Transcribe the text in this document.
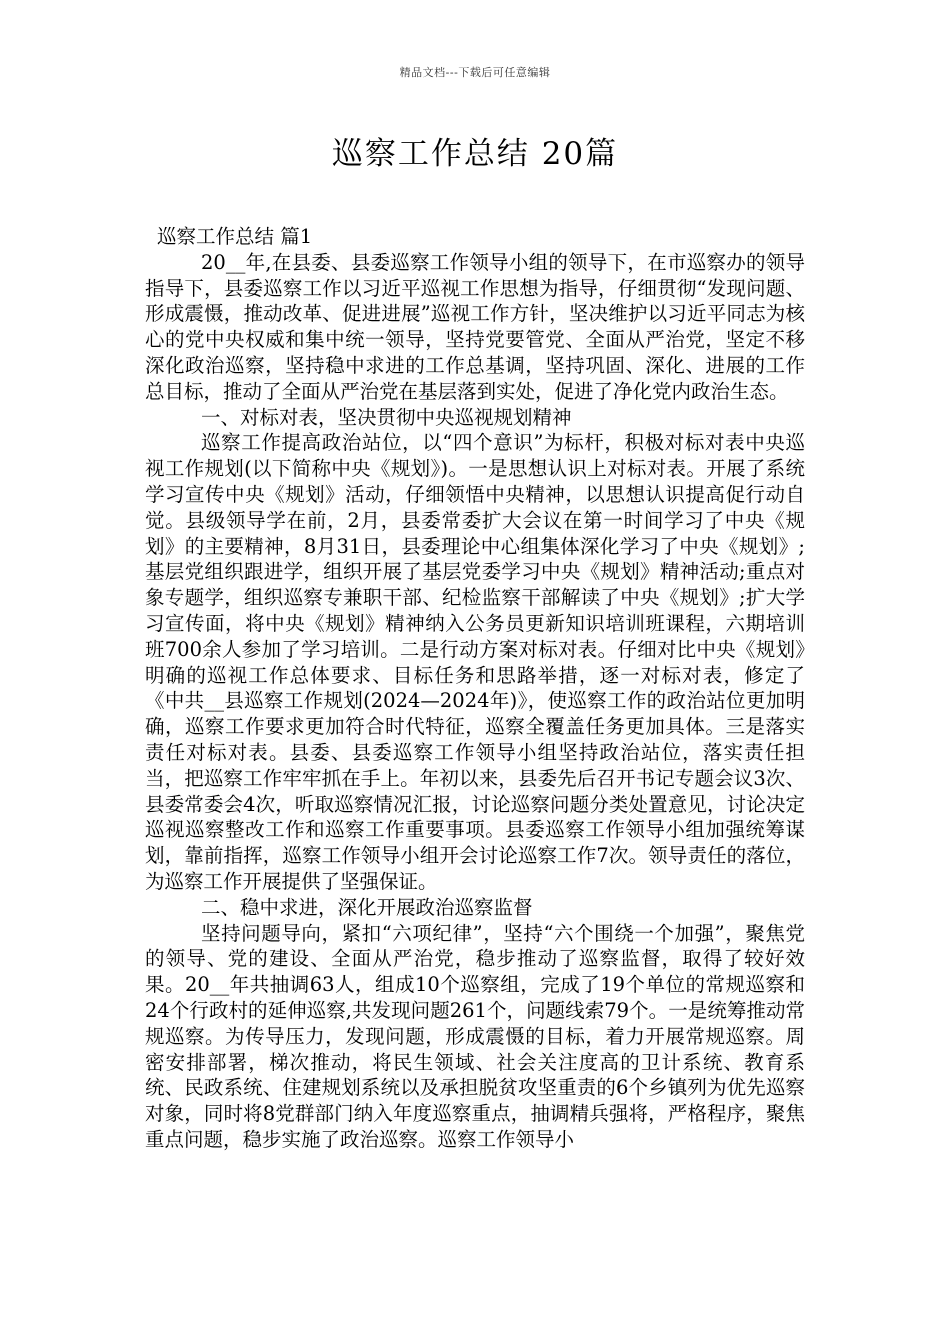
精品文档---下载后可任意编辑
巡察工作总结 20篇
巡察工作总结 篇1

20__年,在县委、县委巡察工作领导小组的领导下，在市巡察办的领导指导下，县委巡察工作以习近平巡视工作思想为指导，仔细贯彻“发现问题、形成震慑，推动改革、促进进展”巡视工作方针，坚决维护以习近平同志为核心的党中央权威和集中统一领导，坚持党要管党、全面从严治党，坚定不移深化政治巡察，坚持稳中求进的工作总基调，坚持巩固、深化、进展的工作总目标，推动了全面从严治党在基层落到实处，促进了净化党内政治生态。

一、对标对表，坚决贯彻中央巡视规划精神

巡察工作提高政治站位，以“四个意识”为标杆，积极对标对表中央巡视工作规划(以下简称中央《规划》)。一是思想认识上对标对表。开展了系统学习宣传中央《规划》活动，仔细领悟中央精神，以思想认识提高促行动自觉。县级领导学在前，2月，县委常委扩大会议在第一时间学习了中央《规划》的主要精神，8月31日，县委理论中心组集体深化学习了中央《规划》;基层党组织跟进学，组织开展了基层党委学习中央《规划》精神活动;重点对象专题学，组织巡察专兼职干部、纪检监察干部解读了中央《规划》;扩大学习宣传面，将中央《规划》精神纳入公务员更新知识培训班课程，六期培训班700余人参加了学习培训。二是行动方案对标对表。仔细对比中央《规划》明确的巡视工作总体要求、目标任务和思路举措，逐一对标对表，修定了《中共__县巡察工作规划(2024—2024年)》，使巡察工作的政治站位更加明确，巡察工作要求更加符合时代特征，巡察全覆盖任务更加具体。三是落实责任对标对表。县委、县委巡察工作领导小组坚持政治站位，落实责任担当，把巡察工作牢牢抓在手上。年初以来，县委先后召开书记专题会议3次、县委常委会4次，听取巡察情况汇报，讨论巡察问题分类处置意见，讨论决定巡视巡察整改工作和巡察工作重要事项。县委巡察工作领导小组加强统筹谋划，靠前指挥，巡察工作领导小组开会讨论巡察工作7次。领导责任的落位，为巡察工作开展提供了坚强保证。

二、稳中求进，深化开展政治巡察监督

坚持问题导向，紧扣“六项纪律”，坚持“六个围绕一个加强”，聚焦党的领导、党的建设、全面从严治党，稳步推动了巡察监督，取得了较好效果。20__年共抽调63人，组成10个巡察组，完成了19个单位的常规巡察和24个行政村的延伸巡察,共发现问题261个，问题线索79个。一是统筹推动常规巡察。为传导压力，发现问题，形成震慑的目标，着力开展常规巡察。周密安排部署，梯次推动，将民生领域、社会关注度高的卫计系统、教育系统、民政系统、住建规划系统以及承担脱贫攻坚重责的6个乡镇列为优先巡察对象，同时将8党群部门纳入年度巡察重点，抽调精兵强将，严格程序，聚焦重点问题，稳步实施了政治巡察。巡察工作领导小
